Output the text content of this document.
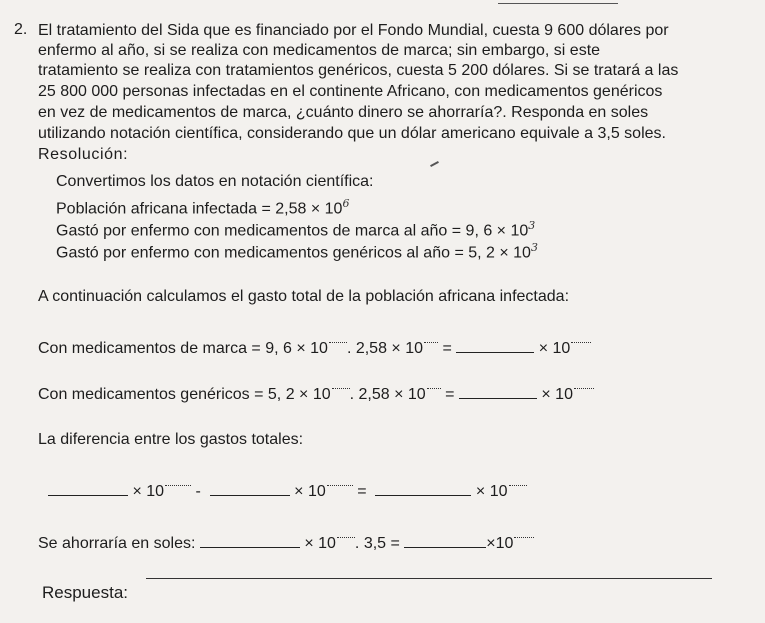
2. El tratamiento del Sida que es financiado por el Fondo Mundial, cuesta 9 600 dólares por
enfermo al año, si se realiza con medicamentos de marca; sin embargo, si este
tratamiento se realiza con tratamientos genéricos, cuesta 5 200 dólares. Si se tratará a las
25 800 000 personas infectadas en el continente Africano, con medicamentos genéricos
en vez de medicamentos de marca, ¿cuánto dinero se ahorraría?. Responda en soles
utilizando notación científica, considerando que un dólar americano equivale a 3,5 soles.
Resolución:
Convertimos los datos en notación científica:
Población africana infectada = $2,58 \times 10^6$
Gastó por enfermo con medicamentos de marca al año = 9, $6 \times 10^3$
Gastó por enfermo con medicamentos genéricos al año = 5, $2 \times 10^3$
A continuación calculamos el gasto total de la población africana infectada:
Con medicamentos de marca = 9, 6 × 10 . 2,58 × 10 =	× 10
Con medicamentos genéricos = 5, 2 × 10 . 2,58 × 10 =	× 10
La diferencia entre los gastos totales:
× 10 -	× 10 =	× 10
Se ahorraría en soles:	× 10 . 3,5 =	×10
Respuesta:
